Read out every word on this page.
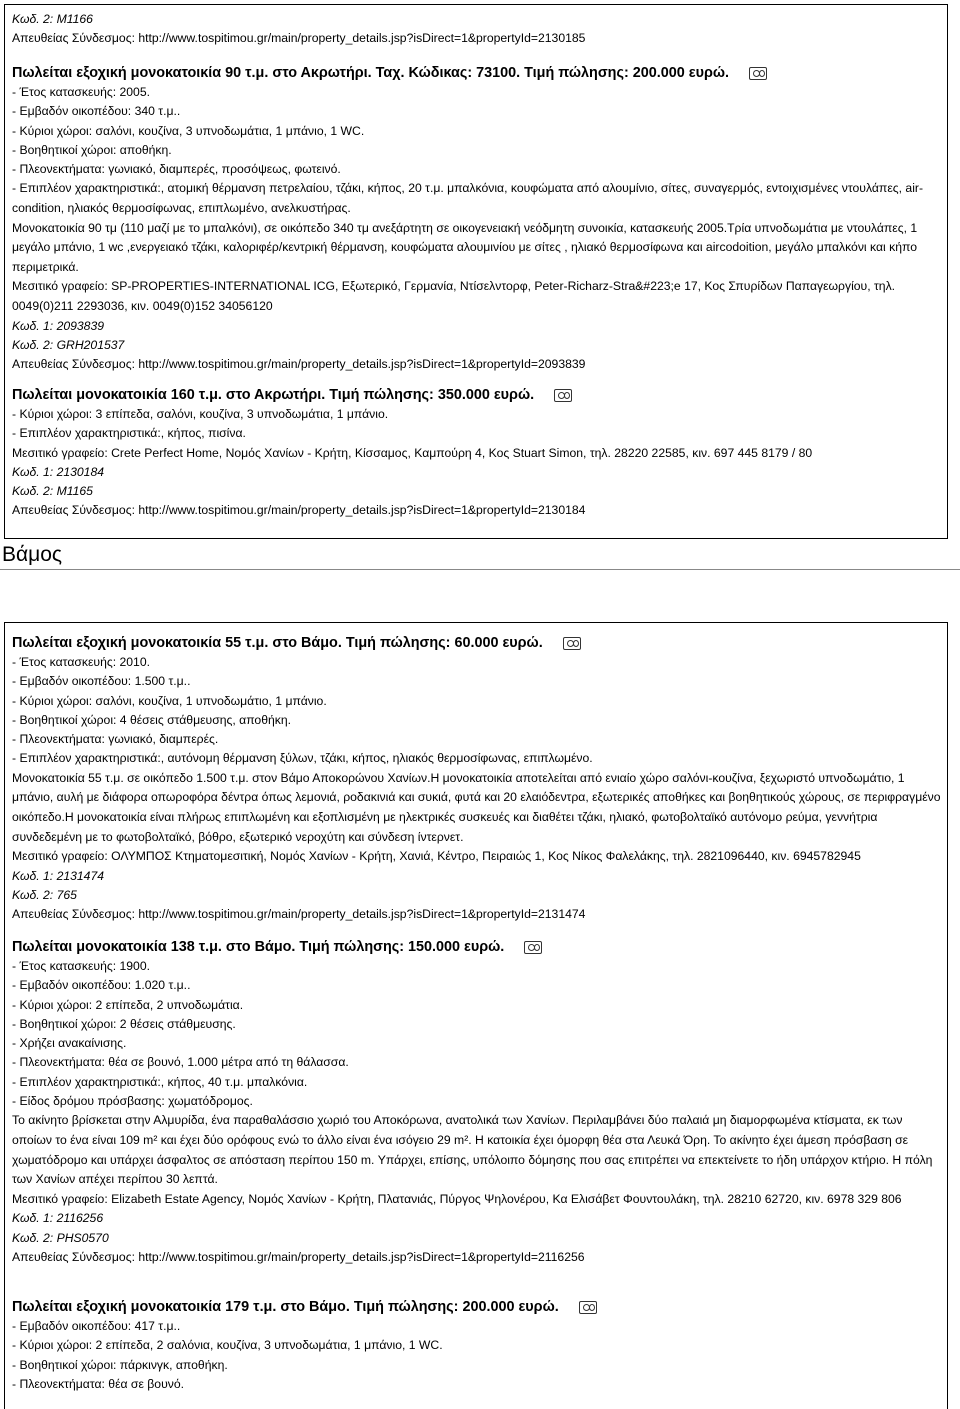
Κωδ. 2: M1166
Απευθείας Σύνδεσμος: http://www.tospitimou.gr/main/property_details.jsp?isDirect=1&propertyId=2130185
Πωλείται εξοχική μονοκατοικία 90 τ.μ. στο Ακρωτήρι. Ταχ. Κώδικας: 73100. Τιμή πώλησης: 200.000 ευρώ.
- Έτος κατασκευής: 2005.
- Εμβαδόν οικοπέδου: 340 τ.μ..
- Κύριοι χώροι: σαλόνι, κουζίνα, 3 υπνοδωμάτια, 1 μπάνιο, 1 WC.
- Βοηθητικοί χώροι: αποθήκη.
- Πλεονεκτήματα: γωνιακό, διαμπερές, προσόψεως, φωτεινό.
- Επιπλέον χαρακτηριστικά:, ατομική θέρμανση πετρελαίου, τζάκι, κήπος, 20 τ.μ. μπαλκόνια, κουφώματα από αλουμίνιο, σίτες, συναγερμός, εντοιχισμένες ντουλάπες, air-condition, ηλιακός θερμοσίφωνας, επιπλωμένο, ανελκυστήρας.
Μονοκατοικία 90 τμ (110 μαζί με το μπαλκόνι), σε οικόπεδο 340 τμ ανεξάρτητη σε οικογενειακή νεόδμητη συνοικία, κατασκευής 2005.Τρία υπνοδωμάτια με ντουλάπες, 1 μεγάλο μπάνιο, 1 wc ,ενεργειακό τζάκι, καλοριφέρ/κεντρική θέρμανση, κουφώματα αλουμινίου με σίτες , ηλιακό θερμοσίφωνα και aircodoition, μεγάλο μπαλκόνι και κήπο περιμετρικά.
Μεσιτικό γραφείο: SP-PROPERTIES-INTERNATIONAL ICG, Εξωτερικό, Γερμανία, Ντίσελντορφ, Peter-Richarz-Stra&#223;e 17, Κος Σπυρίδων Παπαγεωργίου, τηλ. 0049(0)211 2293036, κιν. 0049(0)152 34056120
Κωδ. 1: 2093839
Κωδ. 2: GRH201537
Απευθείας Σύνδεσμος: http://www.tospitimou.gr/main/property_details.jsp?isDirect=1&propertyId=2093839
Πωλείται μονοκατοικία 160 τ.μ. στο Ακρωτήρι. Τιμή πώλησης: 350.000 ευρώ.
- Κύριοι χώροι: 3 επίπεδα, σαλόνι, κουζίνα, 3 υπνοδωμάτια, 1 μπάνιο.
- Επιπλέον χαρακτηριστικά:, κήπος, πισίνα.
Μεσιτικό γραφείο: Crete Perfect Home, Νομός Χανίων - Κρήτη, Κίσσαμος, Καμπούρη 4, Κος Stuart Simon, τηλ. 28220 22585, κιν. 697 445 8179 / 80
Κωδ. 1: 2130184
Κωδ. 2: M1165
Απευθείας Σύνδεσμος: http://www.tospitimou.gr/main/property_details.jsp?isDirect=1&propertyId=2130184
Βάμος
Πωλείται εξοχική μονοκατοικία 55 τ.μ. στο Βάμο. Τιμή πώλησης: 60.000 ευρώ.
- Έτος κατασκευής: 2010.
- Εμβαδόν οικοπέδου: 1.500 τ.μ..
- Κύριοι χώροι: σαλόνι, κουζίνα, 1 υπνοδωμάτιο, 1 μπάνιο.
- Βοηθητικοί χώροι: 4 θέσεις στάθμευσης, αποθήκη.
- Πλεονεκτήματα: γωνιακό, διαμπερές.
- Επιπλέον χαρακτηριστικά:, αυτόνομη θέρμανση ξύλων, τζάκι, κήπος, ηλιακός θερμοσίφωνας, επιπλωμένο.
Μονοκατοικία 55 τ.μ. σε οικόπεδο 1.500 τ.μ. στον Βάμο Αποκορώνου Χανίων.Η μονοκατοικία αποτελείται από ενιαίο χώρο σαλόνι-κουζίνα, ξεχωριστό υπνοδωμάτιο, 1 μπάνιο, αυλή με διάφορα οπωροφόρα δέντρα όπως λεμονιά, ροδακινιά και συκιά, φυτά και 20 ελαιόδεντρα, εξωτερικές αποθήκες και βοηθητικούς χώρους, σε περιφραγμένο οικόπεδο.Η μονοκατοικία είναι πλήρως επιπλωμένη και εξοπλισμένη με ηλεκτρικές συσκευές και διαθέτει τζάκι, ηλιακό, φωτοβολταϊκό αυτόνομο ρεύμα, γεννήτρια συνδεδεμένη με το φωτοβολταϊκό, βόθρο, εξωτερικό νεροχύτη και σύνδεση ίντερνετ.
Μεσιτικό γραφείο: ΟΛΥΜΠΟΣ Κτηματομεσιτική, Νομός Χανίων - Κρήτη, Χανιά, Κέντρο, Πειραιώς 1, Κος Νίκος Φαλελάκης, τηλ. 2821096440, κιν. 6945782945
Κωδ. 1: 2131474
Κωδ. 2: 765
Απευθείας Σύνδεσμος: http://www.tospitimou.gr/main/property_details.jsp?isDirect=1&propertyId=2131474
Πωλείται μονοκατοικία 138 τ.μ. στο Βάμο. Τιμή πώλησης: 150.000 ευρώ.
- Έτος κατασκευής: 1900.
- Εμβαδόν οικοπέδου: 1.020 τ.μ..
- Κύριοι χώροι: 2 επίπεδα, 2 υπνοδωμάτια.
- Βοηθητικοί χώροι: 2 θέσεις στάθμευσης.
- Χρήζει ανακαίνισης.
- Πλεονεκτήματα: θέα σε βουνό, 1.000 μέτρα από τη θάλασσα.
- Επιπλέον χαρακτηριστικά:, κήπος, 40 τ.μ. μπαλκόνια.
- Είδος δρόμου πρόσβασης: χωματόδρομος.
Το ακίνητο βρίσκεται στην Αλμυρίδα, ένα παραθαλάσσιο χωριό του Αποκόρωνα, ανατολικά των Χανίων. Περιλαμβάνει δύο παλαιά μη διαμορφωμένα κτίσματα, εκ των οποίων το ένα είναι 109 m² και έχει δύο ορόφους ενώ το άλλο είναι ένα ισόγειο 29 m². Η κατοικία έχει όμορφη θέα στα Λευκά Όρη. Το ακίνητο έχει άμεση πρόσβαση σε χωματόδρομο και υπάρχει άσφαλτος σε απόσταση περίπου 150 m. Υπάρχει, επίσης, υπόλοιπο δόμησης που σας επιτρέπει να επεκτείνετε το ήδη υπάρχον κτήριο. Η πόλη των Χανίων απέχει περίπου 30 λεπτά.
Μεσιτικό γραφείο: Elizabeth Estate Agency, Νομός Χανίων - Κρήτη, Πλατανιάς, Πύργος Ψηλονέρου, Κα Ελισάβετ Φουντουλάκη, τηλ. 28210 62720, κιν. 6978 329 806
Κωδ. 1: 2116256
Κωδ. 2: PHS0570
Απευθείας Σύνδεσμος: http://www.tospitimou.gr/main/property_details.jsp?isDirect=1&propertyId=2116256
Πωλείται εξοχική μονοκατοικία 179 τ.μ. στο Βάμο. Τιμή πώλησης: 200.000 ευρώ.
- Εμβαδόν οικοπέδου: 417 τ.μ..
- Κύριοι χώροι: 2 επίπεδα, 2 σαλόνια, κουζίνα, 3 υπνοδωμάτια, 1 μπάνιο, 1 WC.
- Βοηθητικοί χώροι: πάρκινγκ, αποθήκη.
- Πλεονεκτήματα: θέα σε βουνό.
